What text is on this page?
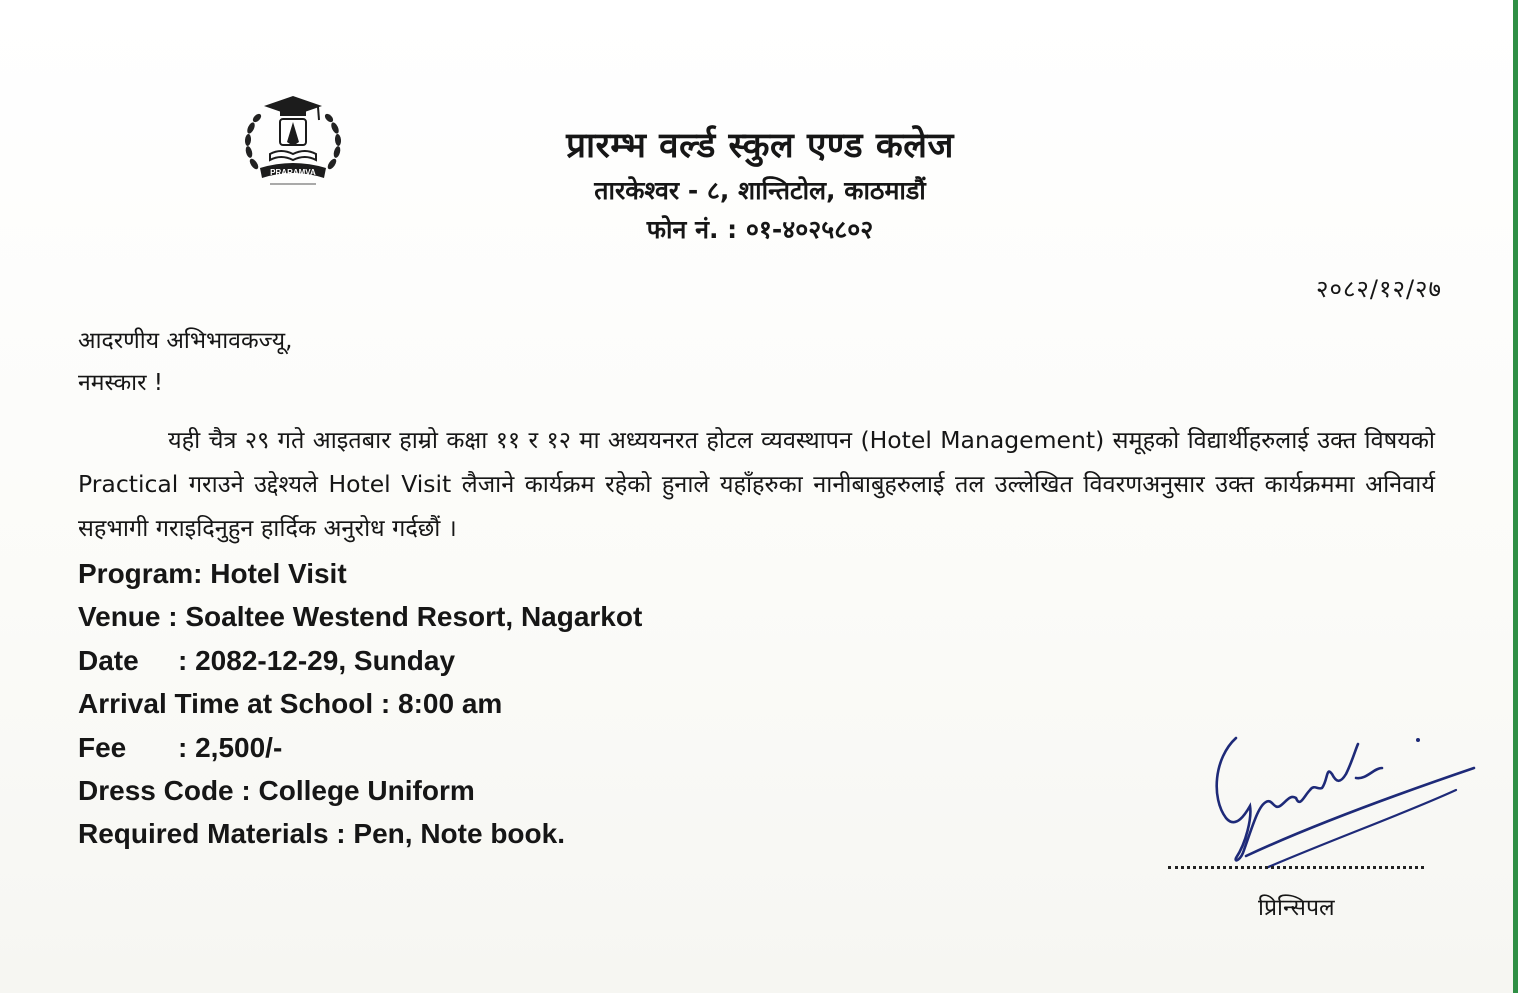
PRARAMVA
प्रारम्भ वर्ल्ड स्कुल एण्ड कलेज
तारकेश्वर - ८, शान्तिटोल, काठमाडौं
फोन नं. : ०१-४०२५८०२
२०८२/१२/२७
आदरणीय अभिभावकज्यू,
नमस्कार !
यही चैत्र २९ गते आइतबार हाम्रो कक्षा ११ र १२ मा अध्ययनरत होटल व्यवस्थापन (Hotel Management) समूहको विद्यार्थीहरुलाई उक्त विषयको Practical गराउने उद्देश्यले Hotel Visit लैजाने कार्यक्रम रहेको हुनाले यहाँहरुका नानीबाबुहरुलाई तल उल्लेखित विवरणअनुसार उक्त कार्यक्रममा अनिवार्य सहभागी गराइदिनुहुन हार्दिक अनुरोध गर्दछौं ।
Program: Hotel Visit
Venue : Soaltee Westend Resort, Nagarkot
Date	: 2082-12-29, Sunday
Arrival Time at School : 8:00 am
Fee	: 2,500/-
Dress Code : College Uniform
Required Materials : Pen, Note book.
प्रिन्सिपल
